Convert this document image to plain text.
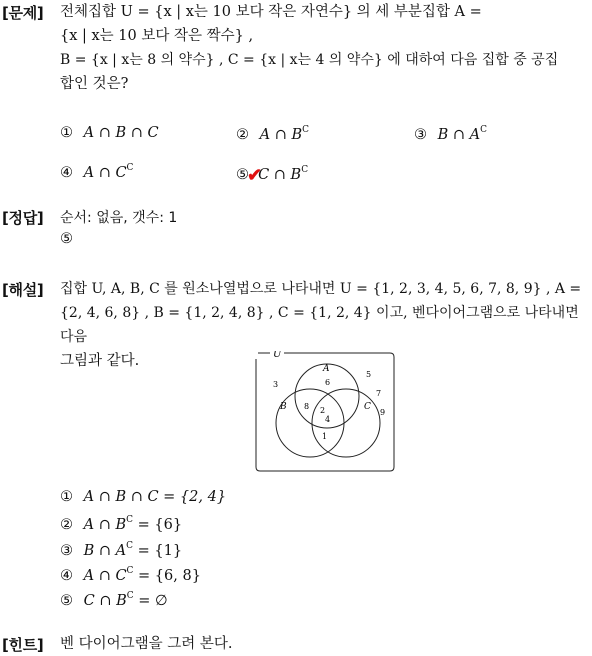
[문제] 전체집합 U = {x | x는 10 보다 작은 자연수} 의 세 부분집합 A =
{x | x는 10 보다 작은 짝수} ,
B = {x | x는 8 의 약수} , C = {x | x는 4 의 약수} 에 대하여 다음 집합 중 공집
합인 것은?
① A ∩ B ∩ C	② A ∩ $B^C$	③ B ∩ $A^C$
④ A ∩ $C^C$	⑤✔C ∩ $B^C$
[정답] 순서: 없음, 갯수: 1
⑤
[해설] 집합 U, A, B, C 를 원소나열법으로 나타내면 U = {1, 2, 3, 4, 5, 6, 7, 8, 9} , A =
{2, 4, 6, 8} , B = {1, 2, 4, 8} , C = {1, 2, 4} 이고, 벤다이어그램으로 나타내면 다음
그림과 같다.	U
A
B	C
3
5
7
9
6
8 2
4
1
① A ∩ B ∩ C = {2, 4}
② A ∩ $B^C = \{6\}$
③ B ∩ $A^C = \{1\}$
④ A ∩ $C^C = \{6$, 8}
⑤ C ∩ $B^C$ = ∅
[힌트] 벤 다이어그램을 그려 본다.
